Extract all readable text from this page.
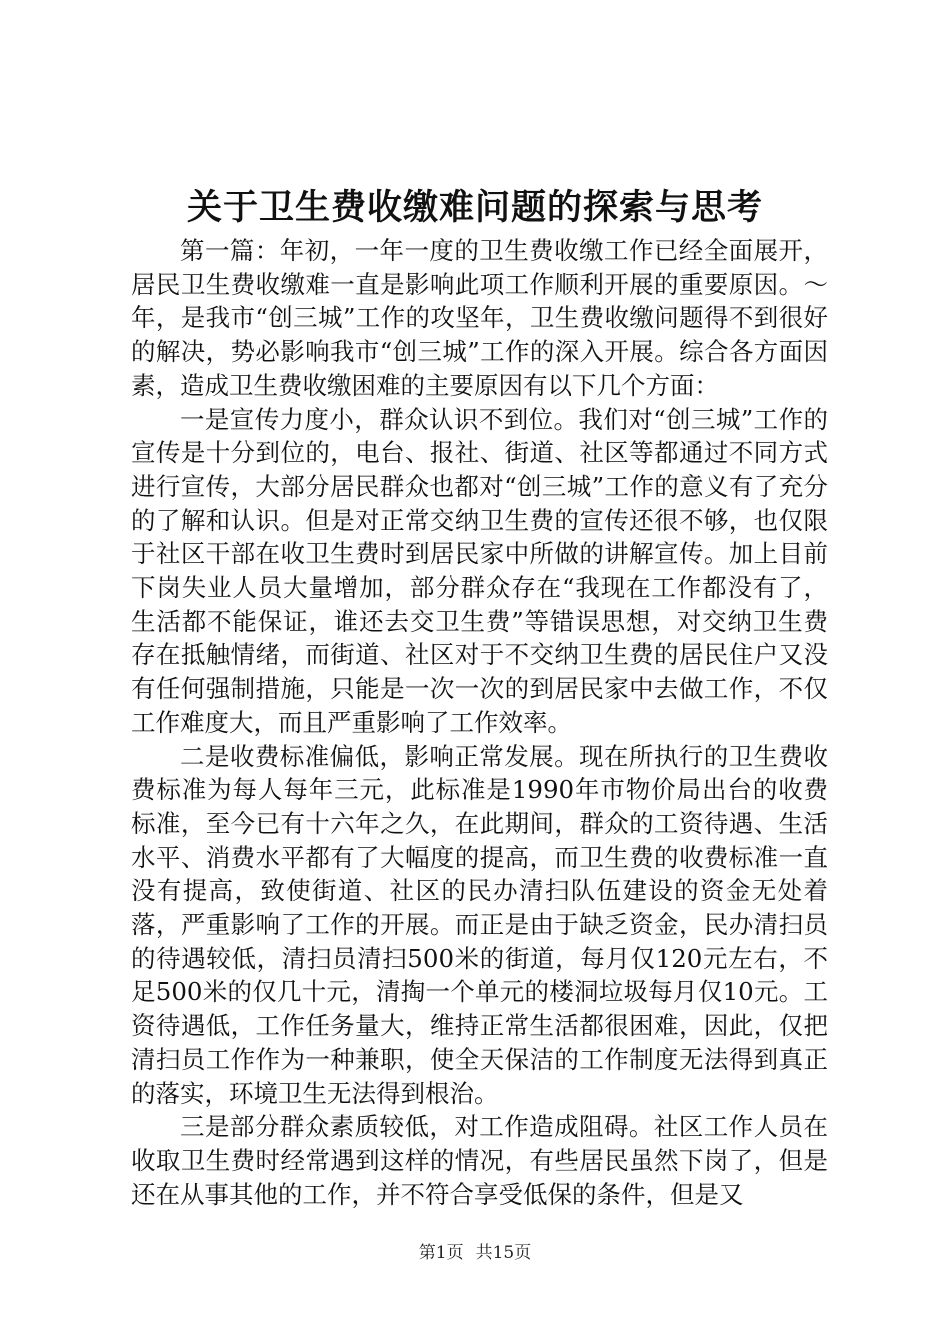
关于卫生费收缴难问题的探索与思考

第一篇：年初，一年一度的卫生费收缴工作已经全面展开，居民卫生费收缴难一直是影响此项工作顺利开展的重要原因。～年，是我市“创三城”工作的攻坚年，卫生费收缴问题得不到很好的解决，势必影响我市“创三城”工作的深入开展。综合各方面因素，造成卫生费收缴困难的主要原因有以下几个方面：

一是宣传力度小，群众认识不到位。我们对“创三城”工作的宣传是十分到位的，电台、报社、街道、社区等都通过不同方式进行宣传，大部分居民群众也都对“创三城”工作的意义有了充分的了解和认识。但是对正常交纳卫生费的宣传还很不够，也仅限于社区干部在收卫生费时到居民家中所做的讲解宣传。加上目前下岗失业人员大量增加，部分群众存在“我现在工作都没有了，生活都不能保证，谁还去交卫生费”等错误思想，对交纳卫生费存在抵触情绪，而街道、社区对于不交纳卫生费的居民住户又没有任何强制措施，只能是一次一次的到居民家中去做工作，不仅工作难度大，而且严重影响了工作效率。

二是收费标准偏低，影响正常发展。现在所执行的卫生费收费标准为每人每年三元，此标准是1990年市物价局出台的收费标准，至今已有十六年之久，在此期间，群众的工资待遇、生活水平、消费水平都有了大幅度的提高，而卫生费的收费标准一直没有提高，致使街道、社区的民办清扫队伍建设的资金无处着落，严重影响了工作的开展。而正是由于缺乏资金，民办清扫员的待遇较低，清扫员清扫500米的街道，每月仅120元左右，不足500米的仅几十元，清掏一个单元的楼洞垃圾每月仅10元。工资待遇低，工作任务量大，维持正常生活都很困难，因此，仅把清扫员工作作为一种兼职，使全天保洁的工作制度无法得到真正的落实，环境卫生无法得到根治。

三是部分群众素质较低，对工作造成阻碍。社区工作人员在收取卫生费时经常遇到这样的情况，有些居民虽然下岗了，但是还在从事其他的工作，并不符合享受低保的条件，但是又

第1页 共15页
